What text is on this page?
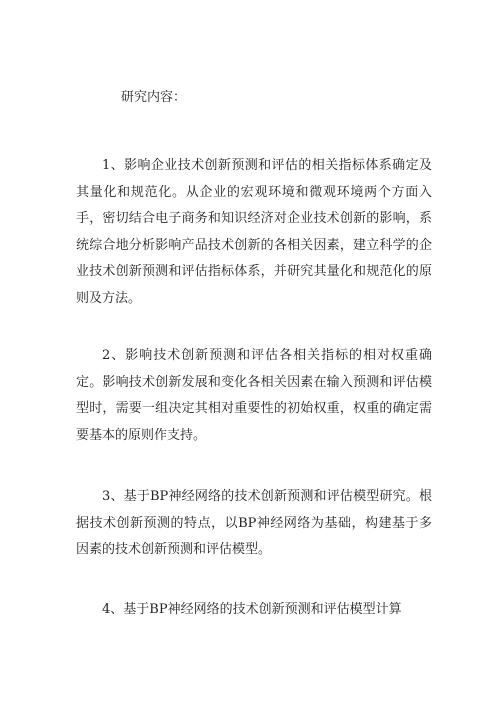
研究内容：

1、影响企业技术创新预测和评估的相关指标体系确定及其量化和规范化。从企业的宏观环境和微观环境两个方面入手，密切结合电子商务和知识经济对企业技术创新的影响，系统综合地分析影响产品技术创新的各相关因素，建立科学的企业技术创新预测和评估指标体系，并研究其量化和规范化的原则及方法。

2、影响技术创新预测和评估各相关指标的相对权重确定。影响技术创新发展和变化各相关因素在输入预测和评估模型时，需要一组决定其相对重要性的初始权重，权重的确定需要基本的原则作支持。

3、基于BP神经网络的技术创新预测和评估模型研究。根据技术创新预测的特点，以BP神经网络为基础，构建基于多因素的技术创新预测和评估模型。

4、基于BP神经网络的技术创新预测和评估模型计算
